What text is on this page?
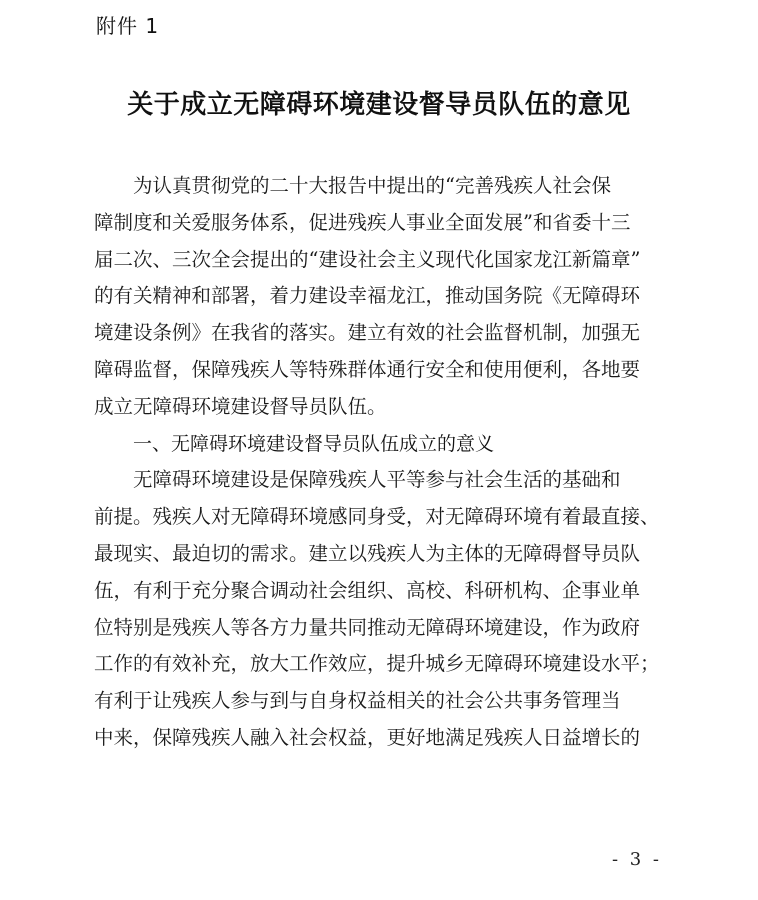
附件 1
关于成立无障碍环境建设督导员队伍的意见
为认真贯彻党的二十大报告中提出的“完善残疾人社会保
障制度和关爱服务体系，促进残疾人事业全面发展”和省委十三
届二次、三次全会提出的“建设社会主义现代化国家龙江新篇章”
的有关精神和部署，着力建设幸福龙江，推动国务院《无障碍环
境建设条例》在我省的落实。建立有效的社会监督机制，加强无
障碍监督，保障残疾人等特殊群体通行安全和使用便利，各地要
成立无障碍环境建设督导员队伍。
一、无障碍环境建设督导员队伍成立的意义
无障碍环境建设是保障残疾人平等参与社会生活的基础和
前提。残疾人对无障碍环境感同身受，对无障碍环境有着最直接、
最现实、最迫切的需求。建立以残疾人为主体的无障碍督导员队
伍，有利于充分聚合调动社会组织、高校、科研机构、企事业单
位特别是残疾人等各方力量共同推动无障碍环境建设，作为政府
工作的有效补充，放大工作效应，提升城乡无障碍环境建设水平；
有利于让残疾人参与到与自身权益相关的社会公共事务管理当
中来，保障残疾人融入社会权益，更好地满足残疾人日益增长的
- 3 -
